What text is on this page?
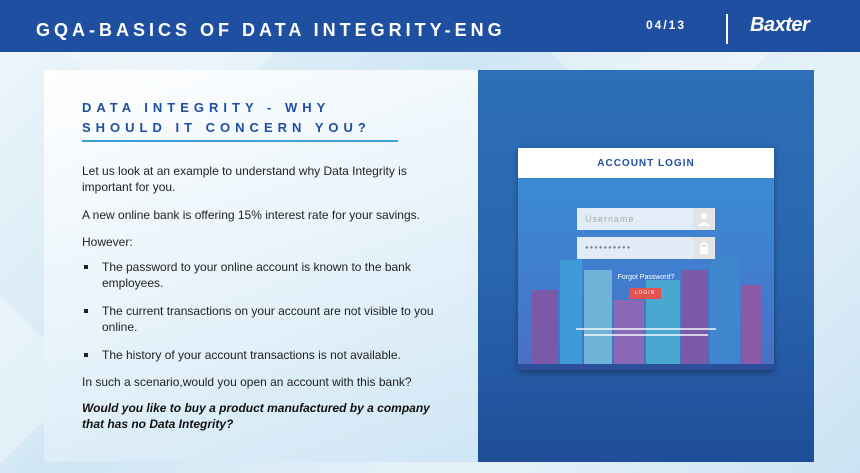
GQA-BASICS OF DATA INTEGRITY-ENG	04/13	Baxter
DATA INTEGRITY - WHY
SHOULD IT CONCERN YOU?
Let us look at an example to understand why Data Integrity is important for you.
A new online bank is offering 15% interest rate for your savings.
However:
The password to your online account is known to the bank employees.
The current transactions on your account are not visible to you online.
The history of your account transactions is not available.
In such a scenario,would you open an account with this bank?
Would you like to buy a product manufactured by a company that has no Data Integrity?
ACCOUNT LOGIN
Username
●●●●●●●●●●
Forgot Password?
LOGIN
